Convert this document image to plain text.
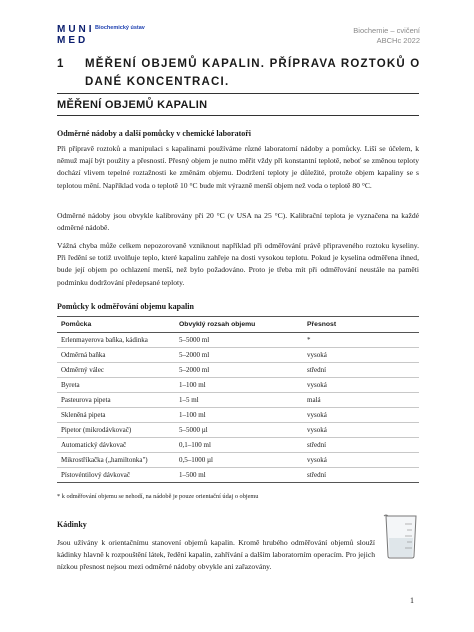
MUNI MED
Biochemický ústav	Biochemie – cvičení
ABCHc 2022
1 MĚŘENÍ OBJEMŮ KAPALIN. PŘÍPRAVA ROZTOKŮ O DANÉ KONCENTRACI.
MĚŘENÍ OBJEMŮ KAPALIN
Odměrné nádoby a další pomůcky v chemické laboratoři
Při přípravě roztoků a manipulaci s kapalinami používáme různé laboratorní nádoby a pomůcky. Liší se účelem, k němuž mají být použity a přesností. Přesný objem je nutno měřit vždy při konstantní teplotě, neboť se změnou teploty dochází vlivem tepelné roztažnosti ke změnám objemu. Dodržení teploty je důležité, protože objem kapaliny se s teplotou mění. Například voda o teplotě 10 °C bude mít výrazně menší objem než voda o teplotě 80 °C.
Odměrné nádoby jsou obvykle kalibrovány při 20 °C (v USA na 25 °C). Kalibrační teplota je vyznačena na každé odměrné nádobě.
Vážná chyba může celkem nepozorovaně vzniknout například při odměřování právě připraveného roztoku kyseliny. Při ředění se totiž uvolňuje teplo, které kapalinu zahřeje na dosti vysokou teplotu. Pokud je kyselina odměřena ihned, bude její objem po ochlazení menší, než bylo požadováno. Proto je třeba mít při odměřování neustále na paměti podmínku dodržování předepsané teploty.
Pomůcky k odměřování objemu kapalin
Pomůcka	Obvyklý rozsah objemu	Přesnost
Erlenmayerova baňka, kádinka	5–5000 ml	*
Odměrná baňka	5–2000 ml	vysoká
Odměrný válec	5–2000 ml	střední
Byreta	1–100 ml	vysoká
Pasteurova pipeta	1–5 ml	malá
Skleněná pipeta	1–100 ml	vysoká
Pipetor (mikrodávkovač)	5–5000 µl	vysoká
Automatický dávkovač	0,1–100 ml	střední
Mikrostříkačka („hamiltonka")	0,5–1000 µl	vysoká
Pístovéntilový dávkovač	1–500 ml	střední
* k odměřování objemu se nehodí, na nádobě je pouze orientační údaj o objemu
Kádinky
Jsou užívány k orientačnímu stanovení objemů kapalin. Kromě hrubého odměřování objemů slouží kádinky hlavně k rozpouštění látek, ředění kapalin, zahřívání a dalším laboratorním operacím. Pro jejich nízkou přesnost nejsou mezi odměrné nádoby obvykle ani zařazovány.
1
